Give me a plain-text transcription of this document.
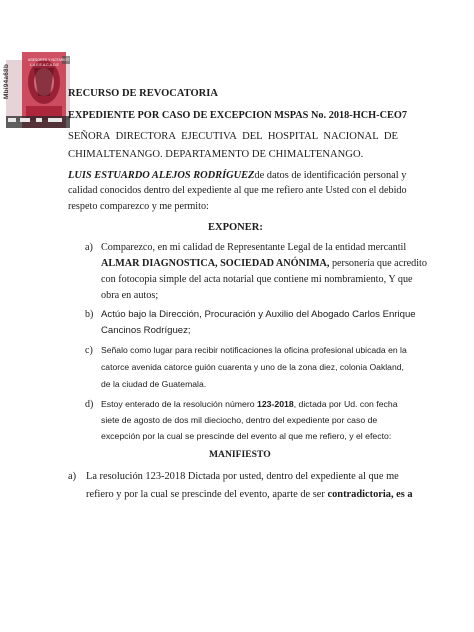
ASESORES Y NOTARIOS
L.A.E.E.A.C.A.D.E
Mbi94a68b	RECURSO DE REVOCATORIA
EXPEDIENTE POR CASO DE EXCEPCION MSPAS No. 2018-HCH-CEO7
SEÑORA DIRECTORA EJECUTIVA DEL HOSPITAL NACIONAL DE
CHIMALTENANGO. DEPARTAMENTO DE CHIMALTENANGO.
LUIS ESTUARDO ALEJOS RODRÍGUEZ de datos de identificación personal y
calidad conocidos dentro del expediente al que me refiero ante Usted con el debido
respeto comparezco y me permito:
EXPONER:
a) Comparezco, en mi calidad de Representante Legal de la entidad mercantil
ALMAR DIAGNOSTICA, SOCIEDAD ANÓNIMA, personería que acredito
con fotocopia simple del acta notarial que contiene mi nombramiento, Y que
obra en autos;
b) Actúo bajo la Dirección, Procuración y Auxilio del Abogado Carlos Enrique
Cancinos Rodríguez;
c) Señalo como lugar para recibir notificaciones la oficina profesional ubicada en la
catorce avenida catorce guión cuarenta y uno de la zona diez, colonia Oakland,
de la ciudad de Guatemala.
d) Estoy enterado de la resolución número 123-2018, dictada por Ud. con fecha
siete de agosto de dos mil dieciocho, dentro del expediente por caso de
excepción por la cual se prescinde del evento al que me refiero, y el efecto:
MANIFIESTO
a) La resolución 123-2018 Dictada por usted, dentro del expediente al que me
refiero y por la cual se prescinde del evento, aparte de ser contradictoria, es a
